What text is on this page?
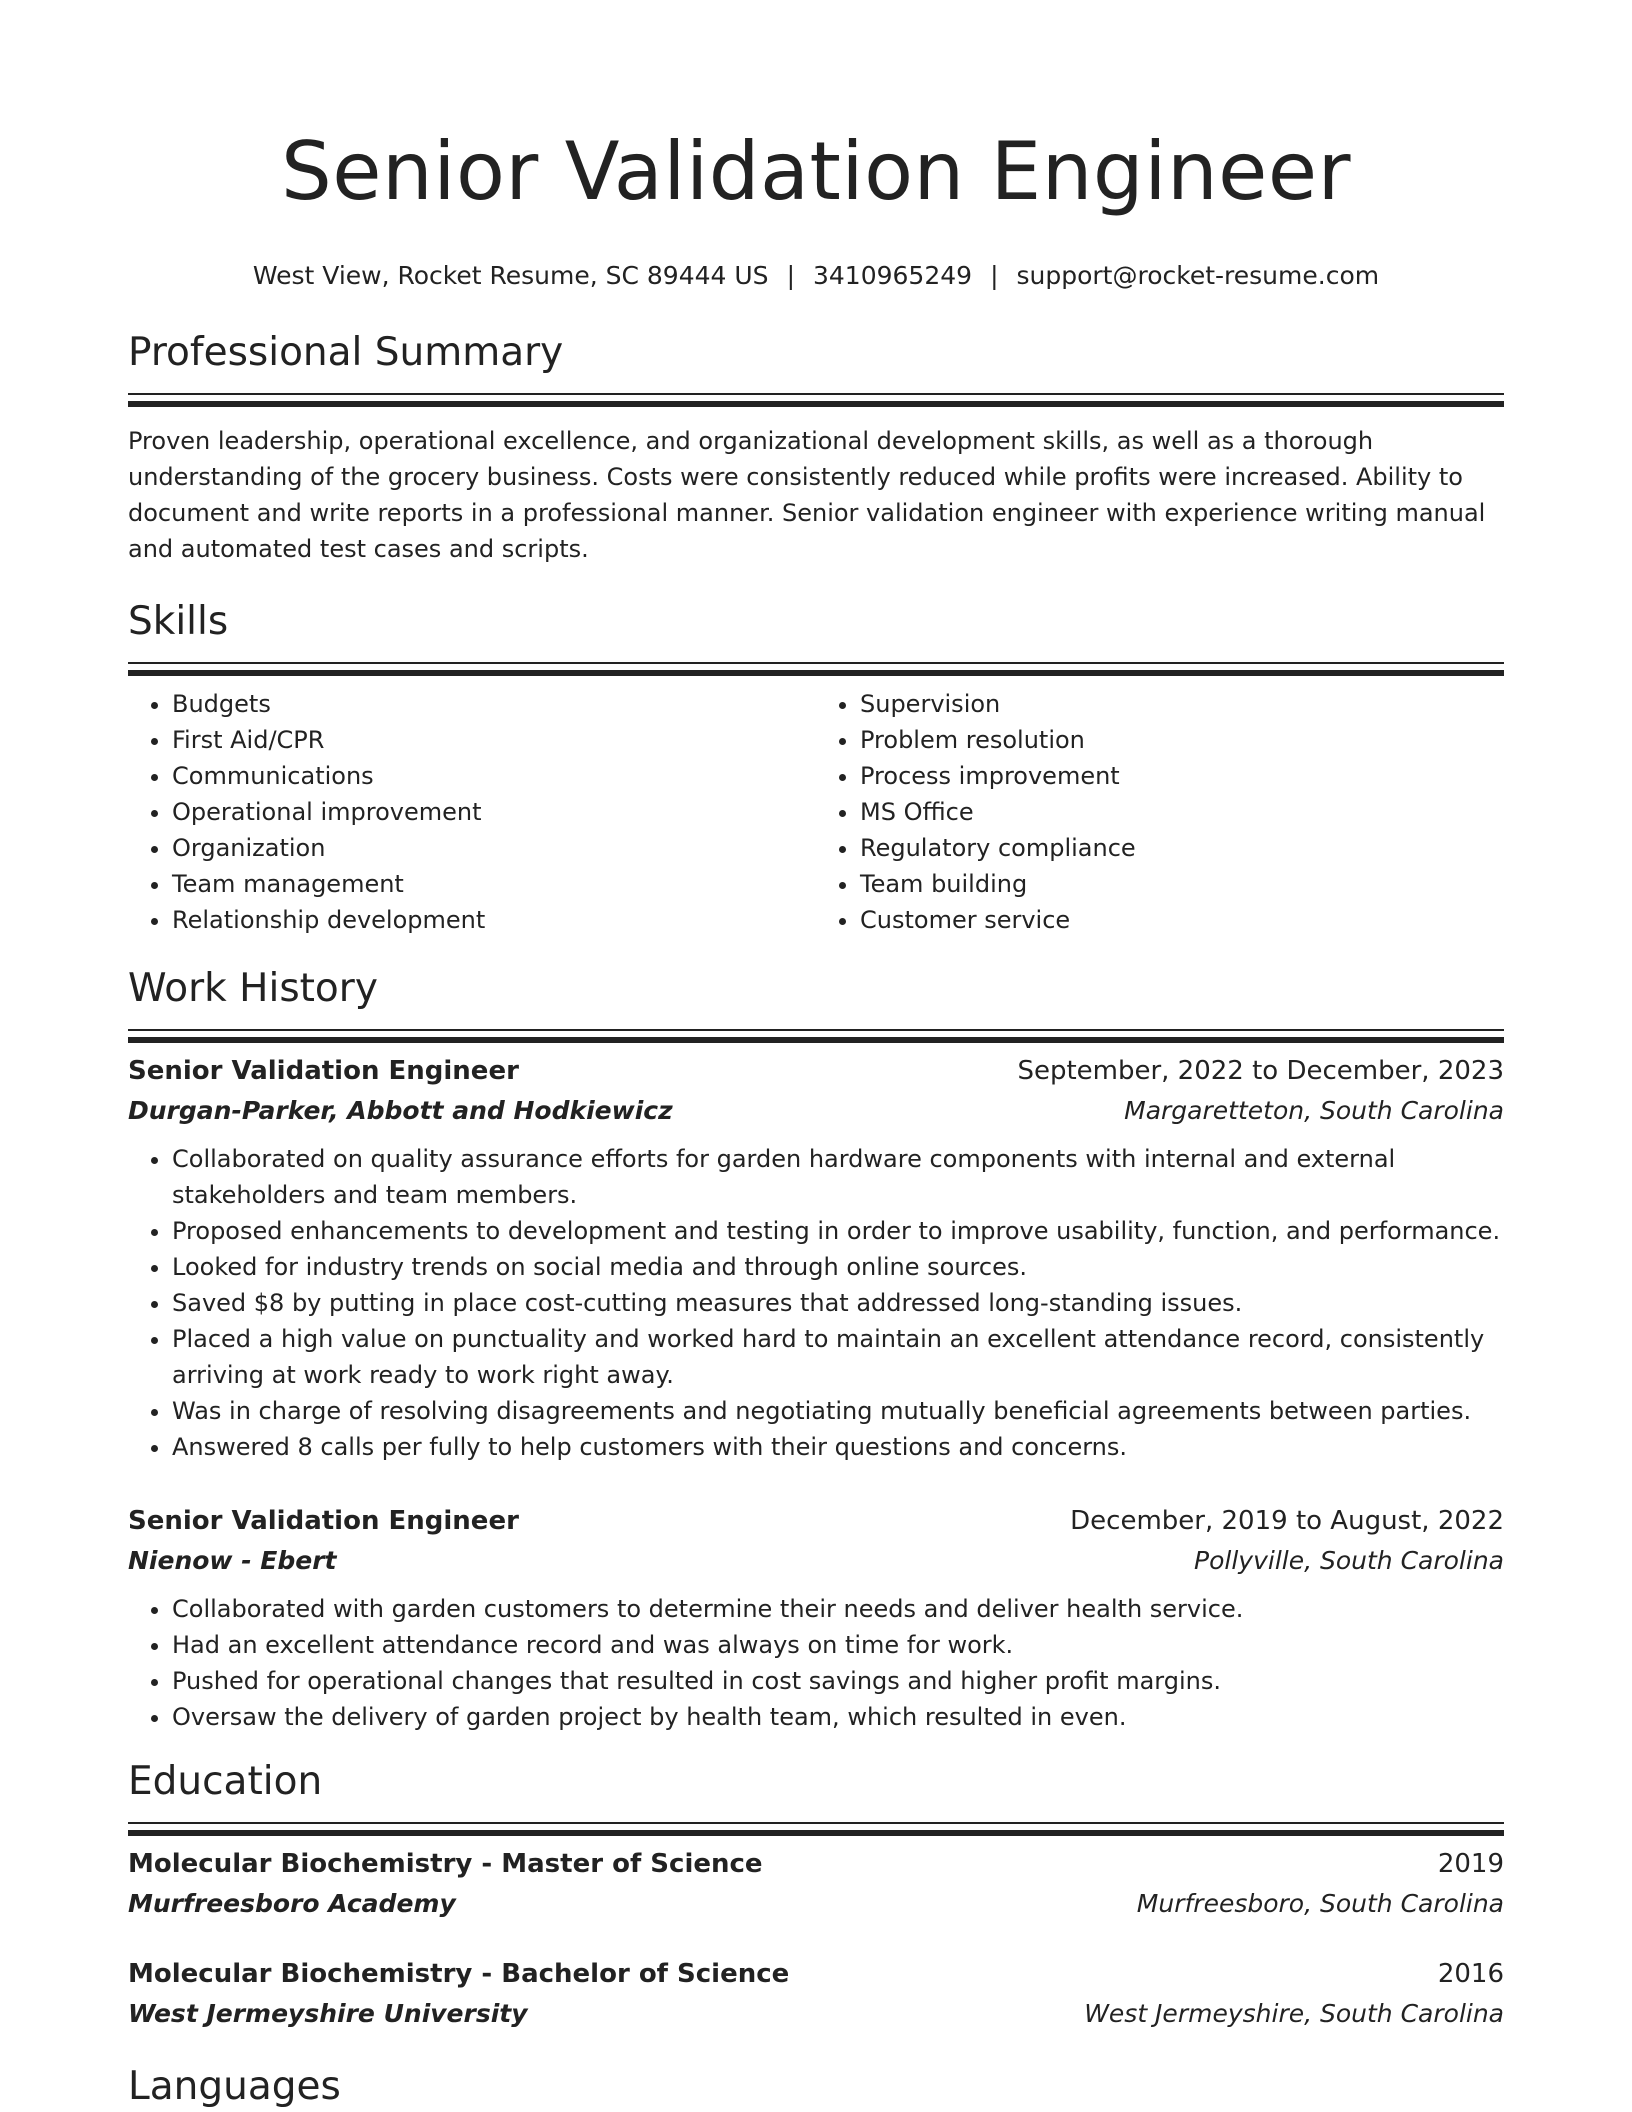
Senior Validation Engineer
West View, Rocket Resume, SC 89444 US | 3410965249 | support@rocket-resume.com
Professional Summary
Proven leadership, operational excellence, and organizational development skills, as well as a thorough understanding of the grocery business. Costs were consistently reduced while profits were increased. Ability to document and write reports in a professional manner. Senior validation engineer with experience writing manual and automated test cases and scripts.
Skills
• Budgets
• First Aid/CPR
• Communications
• Operational improvement
• Organization
• Team management
• Relationship development
• Supervision
• Problem resolution
• Process improvement
• MS Office
• Regulatory compliance
• Team building
• Customer service
Work History
Senior Validation Engineer	September, 2022 to December, 2023
Durgan-Parker, Abbott and Hodkiewicz	Margaretteton, South Carolina
• Collaborated on quality assurance efforts for garden hardware components with internal and external stakeholders and team members.
• Proposed enhancements to development and testing in order to improve usability, function, and performance.
• Looked for industry trends on social media and through online sources.
• Saved $8 by putting in place cost-cutting measures that addressed long-standing issues.
• Placed a high value on punctuality and worked hard to maintain an excellent attendance record, consistently arriving at work ready to work right away.
• Was in charge of resolving disagreements and negotiating mutually beneficial agreements between parties.
• Answered 8 calls per fully to help customers with their questions and concerns.
Senior Validation Engineer	December, 2019 to August, 2022
Nienow - Ebert	Pollyville, South Carolina
• Collaborated with garden customers to determine their needs and deliver health service.
• Had an excellent attendance record and was always on time for work.
• Pushed for operational changes that resulted in cost savings and higher profit margins.
• Oversaw the delivery of garden project by health team, which resulted in even.
Education
Molecular Biochemistry - Master of Science	2019
Murfreesboro Academy	Murfreesboro, South Carolina
Molecular Biochemistry - Bachelor of Science	2016
West Jermeyshire University	West Jermeyshire, South Carolina
Languages
